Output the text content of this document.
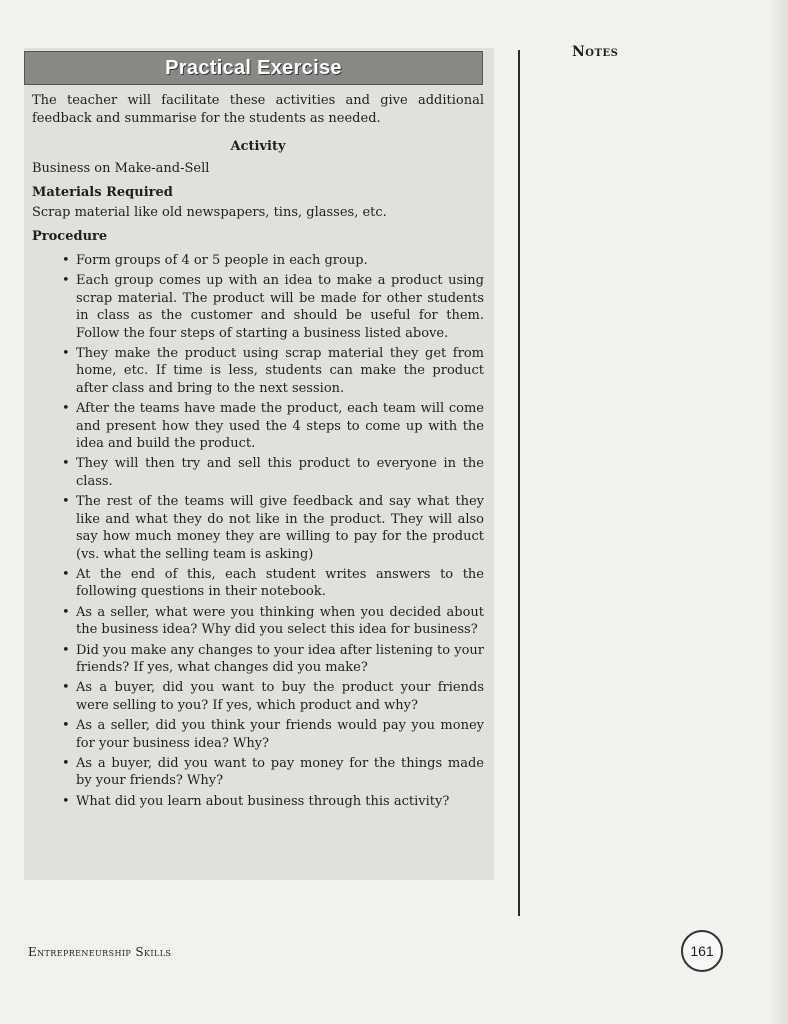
Practical Exercise

The teacher will facilitate these activities and give additional feedback and summarise for the students as needed.

Activity

Business on Make-and-Sell

Materials Required

Scrap material like old newspapers, tins, glasses, etc.

Procedure

• Form groups of 4 or 5 people in each group.
• Each group comes up with an idea to make a product using scrap material. The product will be made for other students in class as the customer and should be useful for them. Follow the four steps of starting a business listed above.
• They make the product using scrap material they get from home, etc. If time is less, students can make the product after class and bring to the next session.
• After the teams have made the product, each team will come and present how they used the 4 steps to come up with the idea and build the product.
• They will then try and sell this product to everyone in the class.
• The rest of the teams will give feedback and say what they like and what they do not like in the product. They will also say how much money they are willing to pay for the product (vs. what the selling team is asking)
• At the end of this, each student writes answers to the following questions in their notebook.
• As a seller, what were you thinking when you decided about the business idea? Why did you select this idea for business?
• Did you make any changes to your idea after listening to your friends? If yes, what changes did you make?
• As a buyer, did you want to buy the product your friends were selling to you? If yes, which product and why?
• As a seller, did you think your friends would pay you money for your business idea? Why?
• As a buyer, did you want to pay money for the things made by your friends? Why?
• What did you learn about business through this activity?
Notes
Entrepreneurship Skills	161
